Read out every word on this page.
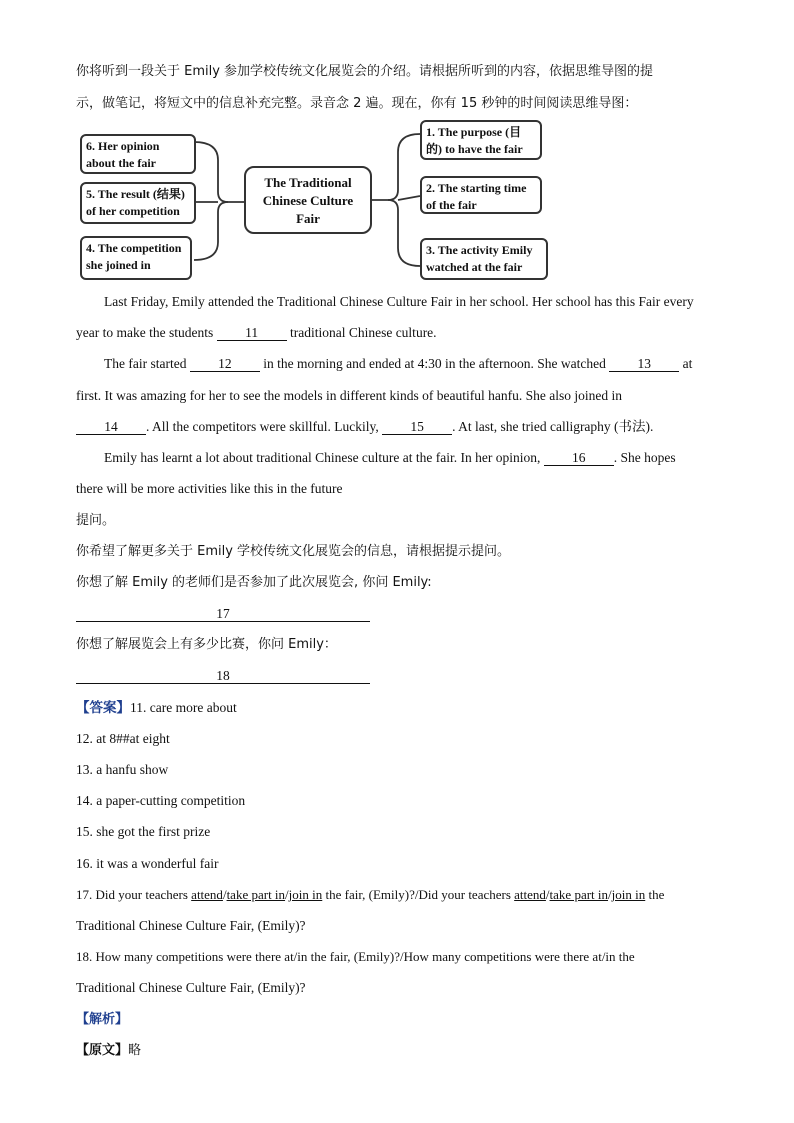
你将听到一段关于 Emily 参加学校传统文化展览会的介绍。请根据所听到的内容，依据思维导图的提
示，做笔记，将短文中的信息补充完整。录音念 2 遍。现在，你有 15 秒钟的时间阅读思维导图：
The Traditional Chinese Culture Fair
6. Her opinion about the fair
5. The result (结果) of her competition
4. The competition she joined in
1. The purpose (目的) to have the fair
2. The starting time of the fair
3. The activity Emily watched at the fair
Last Friday, Emily attended the Traditional Chinese Culture Fair in her school. Her school has this Fair every
year to make the students 11 traditional Chinese culture.
The fair started 12 in the morning and ended at 4:30 in the afternoon. She watched 13 at
first. It was amazing for her to see the models in different kinds of beautiful hanfu. She also joined in
14 . All the competitors were skillful. Luckily, 15 . At last, she tried calligraphy (书法).
Emily has learnt a lot about traditional Chinese culture at the fair. In her opinion, 16 . She hopes
there will be more activities like this in the future
提问。
你希望了解更多关于 Emily 学校传统文化展览会的信息，请根据提示提问。
你想了解 Emily 的老师们是否参加了此次展览会, 你问 Emily:
17
你想了解展览会上有多少比赛，你问 Emily：
18
【答案】11. care more about
12. at 8##at eight
13. a hanfu show
14. a paper-cutting competition
15. she got the first prize
16. it was a wonderful fair
17. Did your teachers attend/take part in/join in the fair, (Emily)?/Did your teachers attend/take part in/join in the
Traditional Chinese Culture Fair, (Emily)?
18. How many competitions were there at/in the fair, (Emily)?/How many competitions were there at/in the
Traditional Chinese Culture Fair, (Emily)?
【解析】
【原文】略
